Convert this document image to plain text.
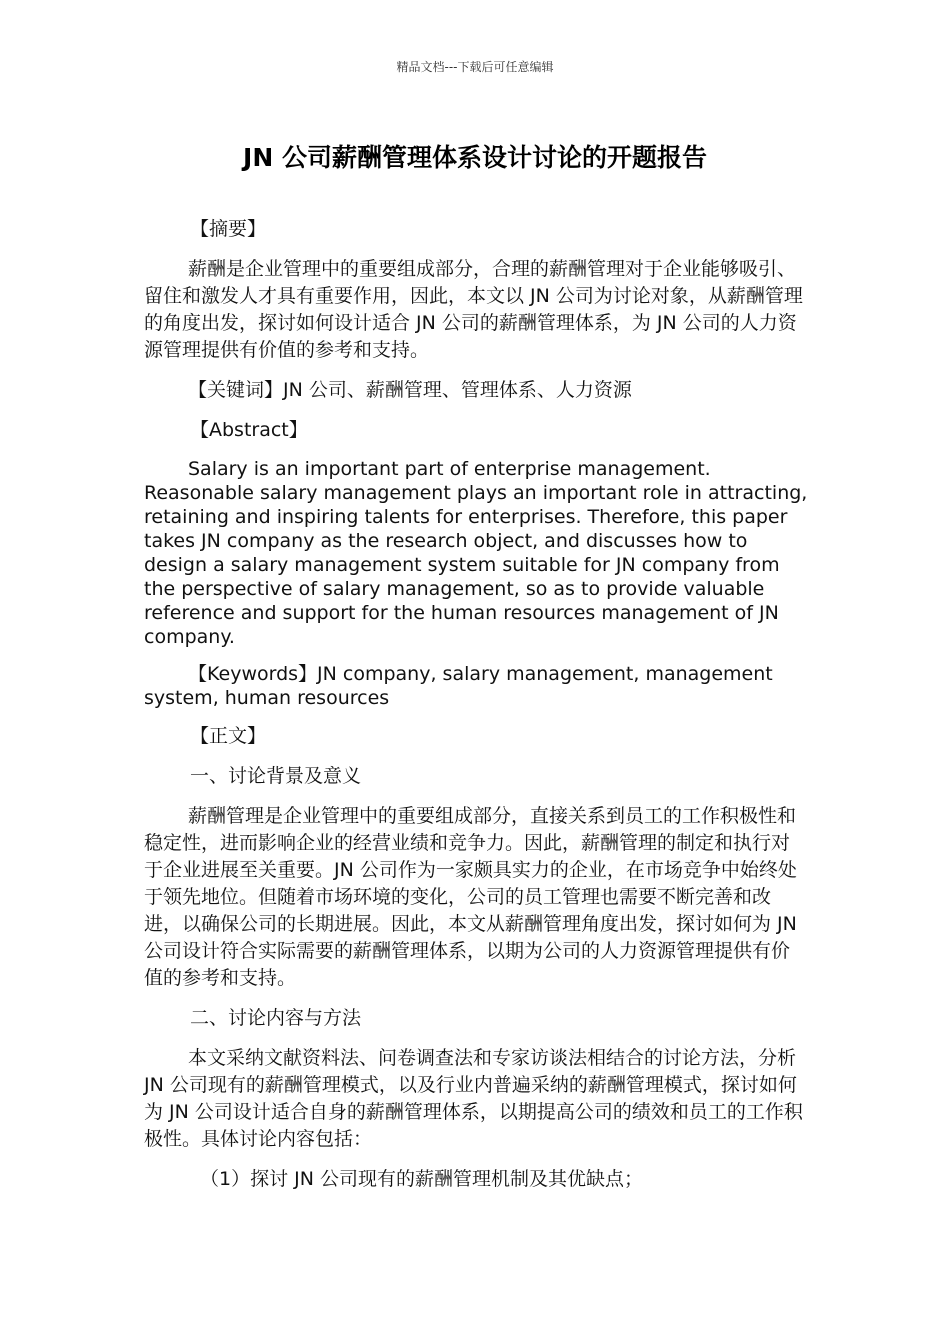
精品文档---下载后可任意编辑
JN 公司薪酬管理体系设计讨论的开题报告

【摘要】

薪酬是企业管理中的重要组成部分，合理的薪酬管理对于企业能够吸引、留住和激发人才具有重要作用，因此，本文以 JN 公司为讨论对象，从薪酬管理的角度出发，探讨如何设计适合 JN 公司的薪酬管理体系，为 JN 公司的人力资源管理提供有价值的参考和支持。

【关键词】JN 公司、薪酬管理、管理体系、人力资源

【Abstract】

Salary is an important part of enterprise management. Reasonable salary management plays an important role in attracting, retaining and inspiring talents for enterprises. Therefore, this paper takes JN company as the research object, and discusses how to design a salary management system suitable for JN company from the perspective of salary management, so as to provide valuable reference and support for the human resources management of JN company.

【Keywords】JN company, salary management, management system, human resources

【正文】

一、讨论背景及意义

薪酬管理是企业管理中的重要组成部分，直接关系到员工的工作积极性和稳定性，进而影响企业的经营业绩和竞争力。因此，薪酬管理的制定和执行对于企业进展至关重要。JN 公司作为一家颇具实力的企业，在市场竞争中始终处于领先地位。但随着市场环境的变化，公司的员工管理也需要不断完善和改进，以确保公司的长期进展。因此，本文从薪酬管理角度出发，探讨如何为 JN 公司设计符合实际需要的薪酬管理体系，以期为公司的人力资源管理提供有价值的参考和支持。

二、讨论内容与方法

本文采纳文献资料法、问卷调查法和专家访谈法相结合的讨论方法，分析 JN 公司现有的薪酬管理模式，以及行业内普遍采纳的薪酬管理模式，探讨如何为 JN 公司设计适合自身的薪酬管理体系，以期提高公司的绩效和员工的工作积极性。具体讨论内容包括：

（1）探讨 JN 公司现有的薪酬管理机制及其优缺点；
